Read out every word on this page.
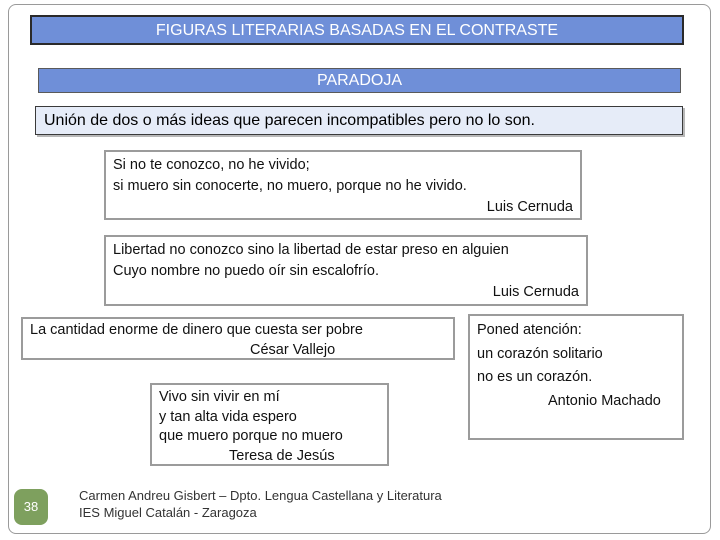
FIGURAS LITERARIAS BASADAS EN EL CONTRASTE
PARADOJA
Unión de dos o más ideas que parecen incompatibles pero no lo son.
Si no te conozco, no he vivido;
si muero sin conocerte, no muero, porque no he vivido.
Luis Cernuda
Libertad no conozco sino la libertad de estar preso en alguien
Cuyo nombre no puedo oír sin escalofrío.
Luis Cernuda
La cantidad enorme de dinero que cuesta ser pobre
César Vallejo
Vivo sin vivir en mí
y tan alta vida espero
que muero porque no muero
Teresa de Jesús
Poned atención:
un corazón solitario
no es un corazón.
Antonio Machado
38
Carmen Andreu Gisbert – Dpto. Lengua Castellana y Literatura
IES Miguel Catalán - Zaragoza
